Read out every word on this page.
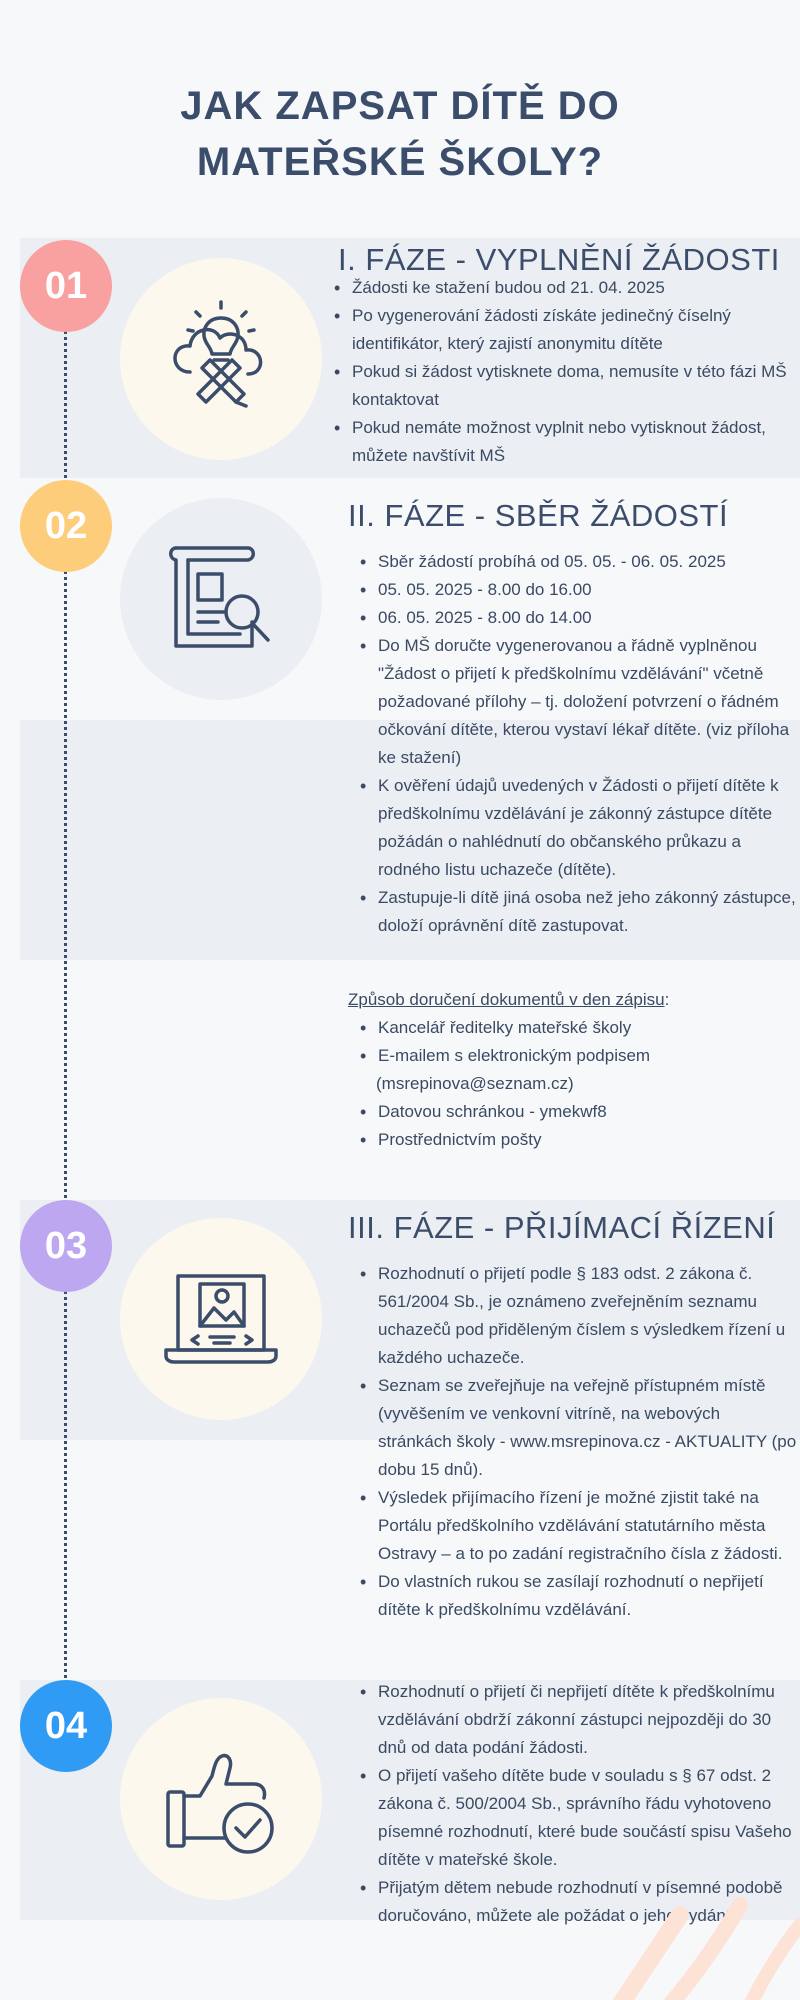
JAK ZAPSAT DÍTĚ DO
MATEŘSKÉ ŠKOLY?
01
I. FÁZE - VYPLNĚNÍ ŽÁDOSTI
• Žádosti ke stažení budou od 21. 04. 2025
• Po vygenerování žádosti získáte jedinečný číselný identifikátor, který zajistí anonymitu dítěte
• Pokud si žádost vytisknete doma, nemusíte v této fázi MŠ kontaktovat
• Pokud nemáte možnost vyplnit nebo vytisknout žádost, můžete navštívit MŠ
02	II. FÁZE - SBĚR ŽÁDOSTÍ
• Sběr žádostí probíhá od 05. 05. - 06. 05. 2025
• 05. 05. 2025 - 8.00 do 16.00
• 06. 05. 2025 - 8.00 do 14.00
• Do MŠ doručte vygenerovanou a řádně vyplněnou "Žádost o přijetí k předškolnímu vzdělávání" včetně požadované přílohy – tj. doložení potvrzení o řádném očkování dítěte, kterou vystaví lékař dítěte. (viz příloha ke stažení)
• K ověření údajů uvedených v Žádosti o přijetí dítěte k předškolnímu vzdělávání je zákonný zástupce dítěte požádán o nahlédnutí do občanského průkazu a rodného listu uchazeče (dítěte).
• Zastupuje-li dítě jiná osoba než jeho zákonný zástupce, doloží oprávnění dítě zastupovat.
Způsob doručení dokumentů v den zápisu:
• Kancelář ředitelky mateřské školy
• E-mailem s elektronickým podpisem
(msrepinova@seznam.cz)
• Datovou schránkou - ymekwf8
• Prostřednictvím pošty
03	III. FÁZE - PŘIJÍMACÍ ŘÍZENÍ
• Rozhodnutí o přijetí podle § 183 odst. 2 zákona č. 561/2004 Sb., je oznámeno zveřejněním seznamu uchazečů pod přiděleným číslem s výsledkem řízení u každého uchazeče.
• Seznam se zveřejňuje na veřejně přístupném místě (vyvěšením ve venkovní vitríně, na webových stránkách školy - www.msrepinova.cz - AKTUALITY (po dobu 15 dnů).
• Výsledek přijímacího řízení je možné zjistit také na Portálu předškolního vzdělávání statutárního města Ostravy – a to po zadání registračního čísla z žádosti.
• Do vlastních rukou se zasílají rozhodnutí o nepřijetí dítěte k předškolnímu vzdělávání.
04
• Rozhodnutí o přijetí či nepřijetí dítěte k předškolnímu vzdělávání obdrží zákonní zástupci nejpozději do 30 dnů od data podání žádosti.
• O přijetí vašeho dítěte bude v souladu s § 67 odst. 2 zákona č. 500/2004 Sb., správního řádu vyhotoveno písemné rozhodnutí, které bude součástí spisu Vašeho dítěte v mateřské škole.
• Přijatým dětem nebude rozhodnutí v písemné podobě doručováno, můžete ale požádat o jeho vydání.
